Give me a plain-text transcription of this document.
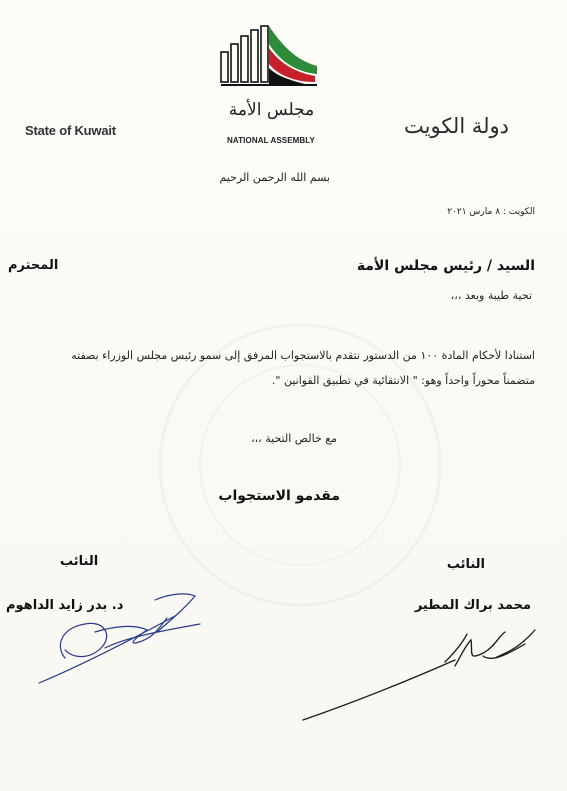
State of Kuwait	دولة الكويت
مجلس الأمة
NATIONAL ASSEMBLY
بسم الله الرحمن الرحيم
الكويت : ٨ مارس ٢٠٢١
السيد / رئيس مجلس الأمة
المحترم
تحية طيبة وبعد ،،،
استنادا لأحكام المادة ١٠٠ من الدستور نتقدم بالاستجواب المرفق إلى سمو رئيس مجلس الوزراء بصفته
متضمناً محوراً واحداً وهو: " الانتقائية في تطبيق القوانين ".
مع خالص التحية ،،،
مقدمو الاستجواب
النائب
النائب
محمد براك المطير
د. بدر زايد الداهوم
